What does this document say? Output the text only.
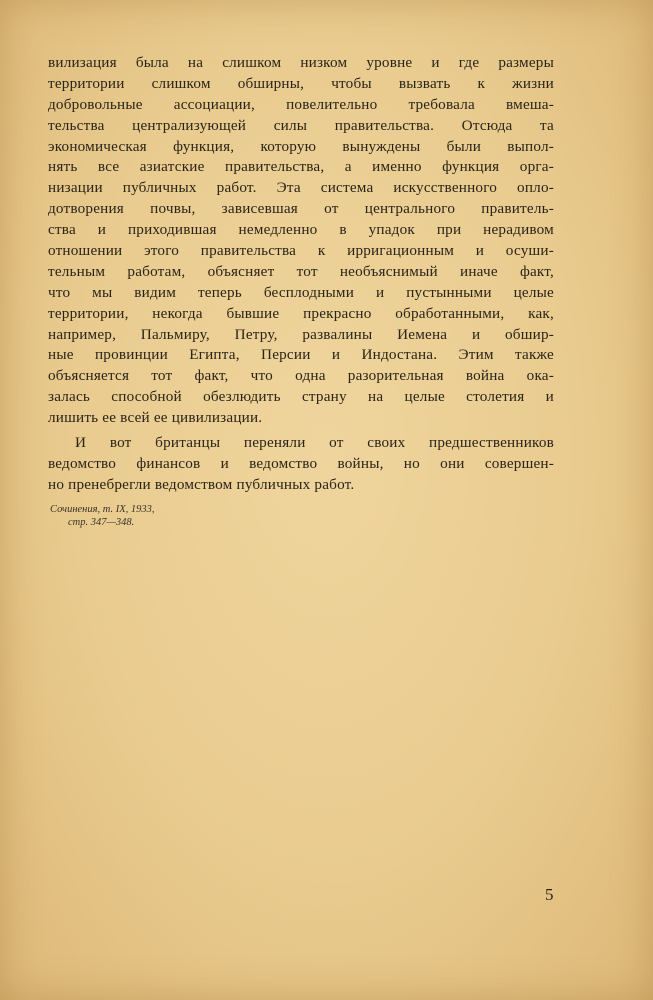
вилизация была на слишком низком уровне и где размеры
территории слишком обширны, чтобы вызвать к жизни
добровольные ассоциации, повелительно требовала вмеша-
тельства централизующей силы правительства. Отсюда та
экономическая функция, которую вынуждены были выпол-
нять все азиатские правительства, а именно функция орга-
низации публичных работ. Эта система искусственного опло-
дотворения почвы, зависевшая от центрального правитель-
ства и приходившая немедленно в упадок при нерадивом
отношении этого правительства к ирригационным и осуши-
тельным работам, объясняет тот необъяснимый иначе факт,
что мы видим теперь бесплодными и пустынными целые
территории, некогда бывшие прекрасно обработанными, как,
например, Пальмиру, Петру, развалины Иемена и обшир-
ные провинции Египта, Персии и Индостана. Этим также
объясняется тот факт, что одна разорительная война ока-
залась способной обезлюдить страну на целые столетия и
лишить ее всей ее цивилизации.
И вот британцы переняли от своих предшественников
ведомство финансов и ведомство войны, но они совершен-
но пренебрегли ведомством публичных работ.
Сочинения, т. IX, 1933,
стр. 347—348.
5
